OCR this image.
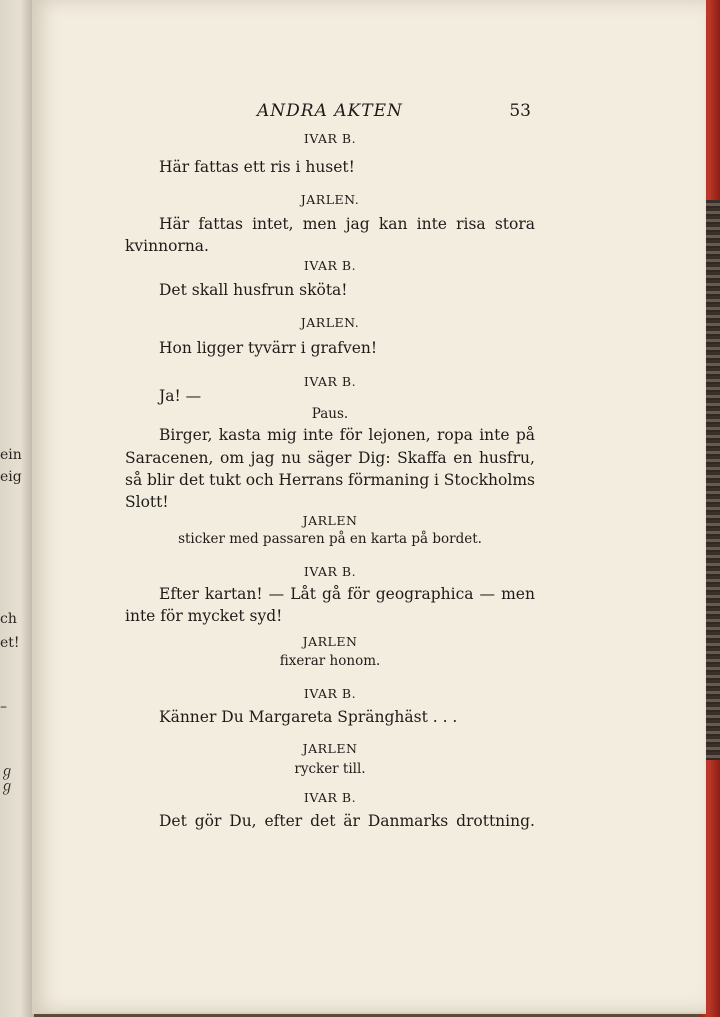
ein
eig
ch
et!
–
ℊ
ℊ
ANDRA AKTEN	53
IVAR B.
Här fattas ett ris i huset!
JARLEN.
Här fattas intet, men jag kan inte risa stora
kvinnorna.
IVAR B.
Det skall husfrun sköta!
JARLEN.
Hon ligger tyvärr i grafven!
IVAR B.
Ja! —
Paus.
Birger, kasta mig inte för lejonen, ropa inte på
Saracenen, om jag nu säger Dig: Skaffa en husfru,
så blir det tukt och Herrans förmaning i Stockholms
Slott!
JARLEN
sticker med passaren på en karta på bordet.
IVAR B.
Efter kartan! — Låt gå för geographica — men
inte för mycket syd!
JARLEN
fixerar honom.
IVAR B.
Känner Du Margareta Spränghäst . . .
JARLEN
rycker till.
IVAR B.
Det gör Du, efter det är Danmarks drottning.
